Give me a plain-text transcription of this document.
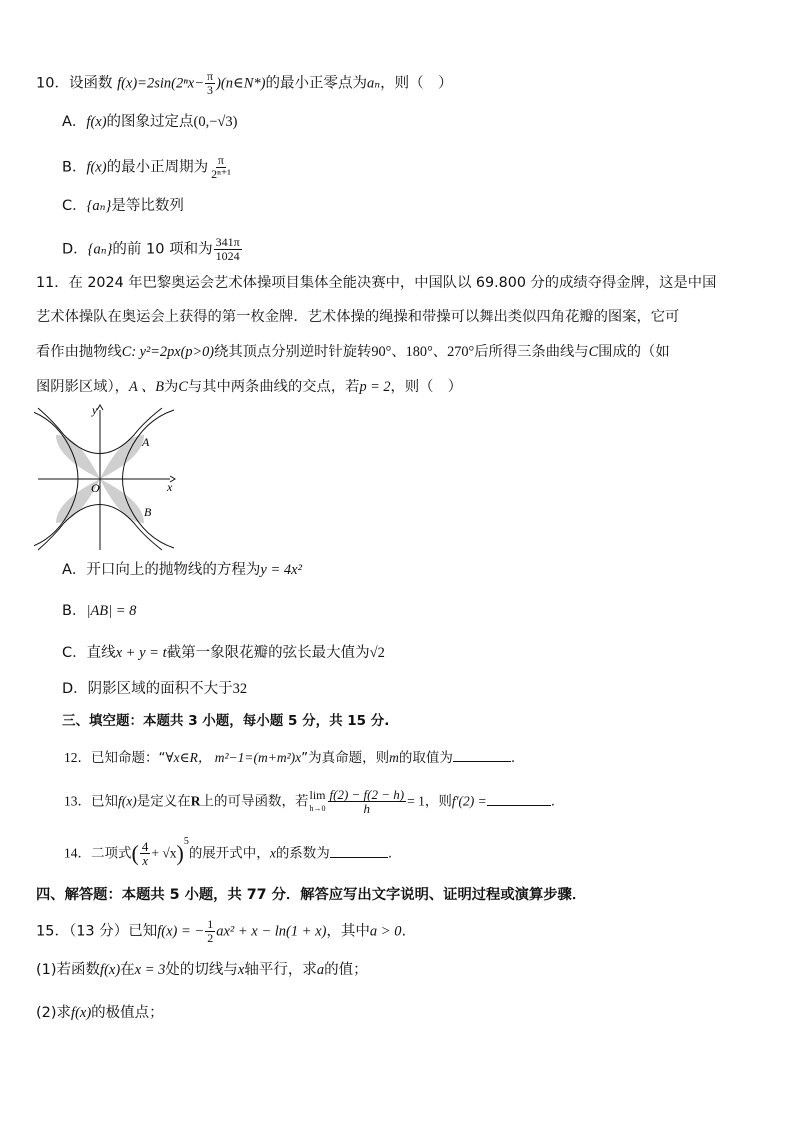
10．设函数 $f(x)=2\sin(2^nx- \frac{\pi}{3}$ )(n∈N*)的最小正零点为aₙ，则（　）
A．f(x)的图象过定点(0,−√3)
B．f(x)的最小正周期为 $\frac{\pi}{\text{2ⁿ⁺¹}}$
C．{aₙ}是等比数列
D．{aₙ}的前 10 项和为 $\frac{341\pi}{1024}$
11．在 2024 年巴黎奥运会艺术体操项目集体全能决赛中，中国队以 69.800 分的成绩夺得金牌，这是中国
艺术体操队在奥运会上获得的第一枚金牌．艺术体操的绳操和带操可以舞出类似四角花瓣的图案，它可
看作由抛物线C: y²=2px(p>0)绕其顶点分别逆时针旋转90°、180°、270°后所得三条曲线与C围成的（如
图阴影区域），A 、B为C与其中两条曲线的交点，若p = 2，则（　）
y
x
O
A
B
A．开口向上的抛物线的方程为y = 4x²
B．|AB| = 8
C．直线x + y = t截第一象限花瓣的弦长最大值为√2
D．阴影区域的面积不大于32
三、填空题：本题共 3 小题，每小题 5 分，共 15 分.
12．已知命题：“∀x∈R， m²−1=(m+m²)x”为真命题，则m的取值为	.
13．已知f(x)是定义在R上的可导函数，若 lim
$h\to 0 \frac{f(2) - f(2 - h)}{h} = 1$，则f′(2) =	.
14．二项式( $\frac{4}{x} + √x)^5$的展开式中，x的系数为	.
四、解答题：本题共 5 小题，共 77 分．解答应写出文字说明、证明过程或演算步骤．
15．（13 分）已知f(x) = − $\frac{1}{2} ax^2 + x - \ln(1 + x)$，其中a > 0.
(1)若函数f(x)在x = 3处的切线与x轴平行，求a的值；
(2)求f(x)的极值点；
